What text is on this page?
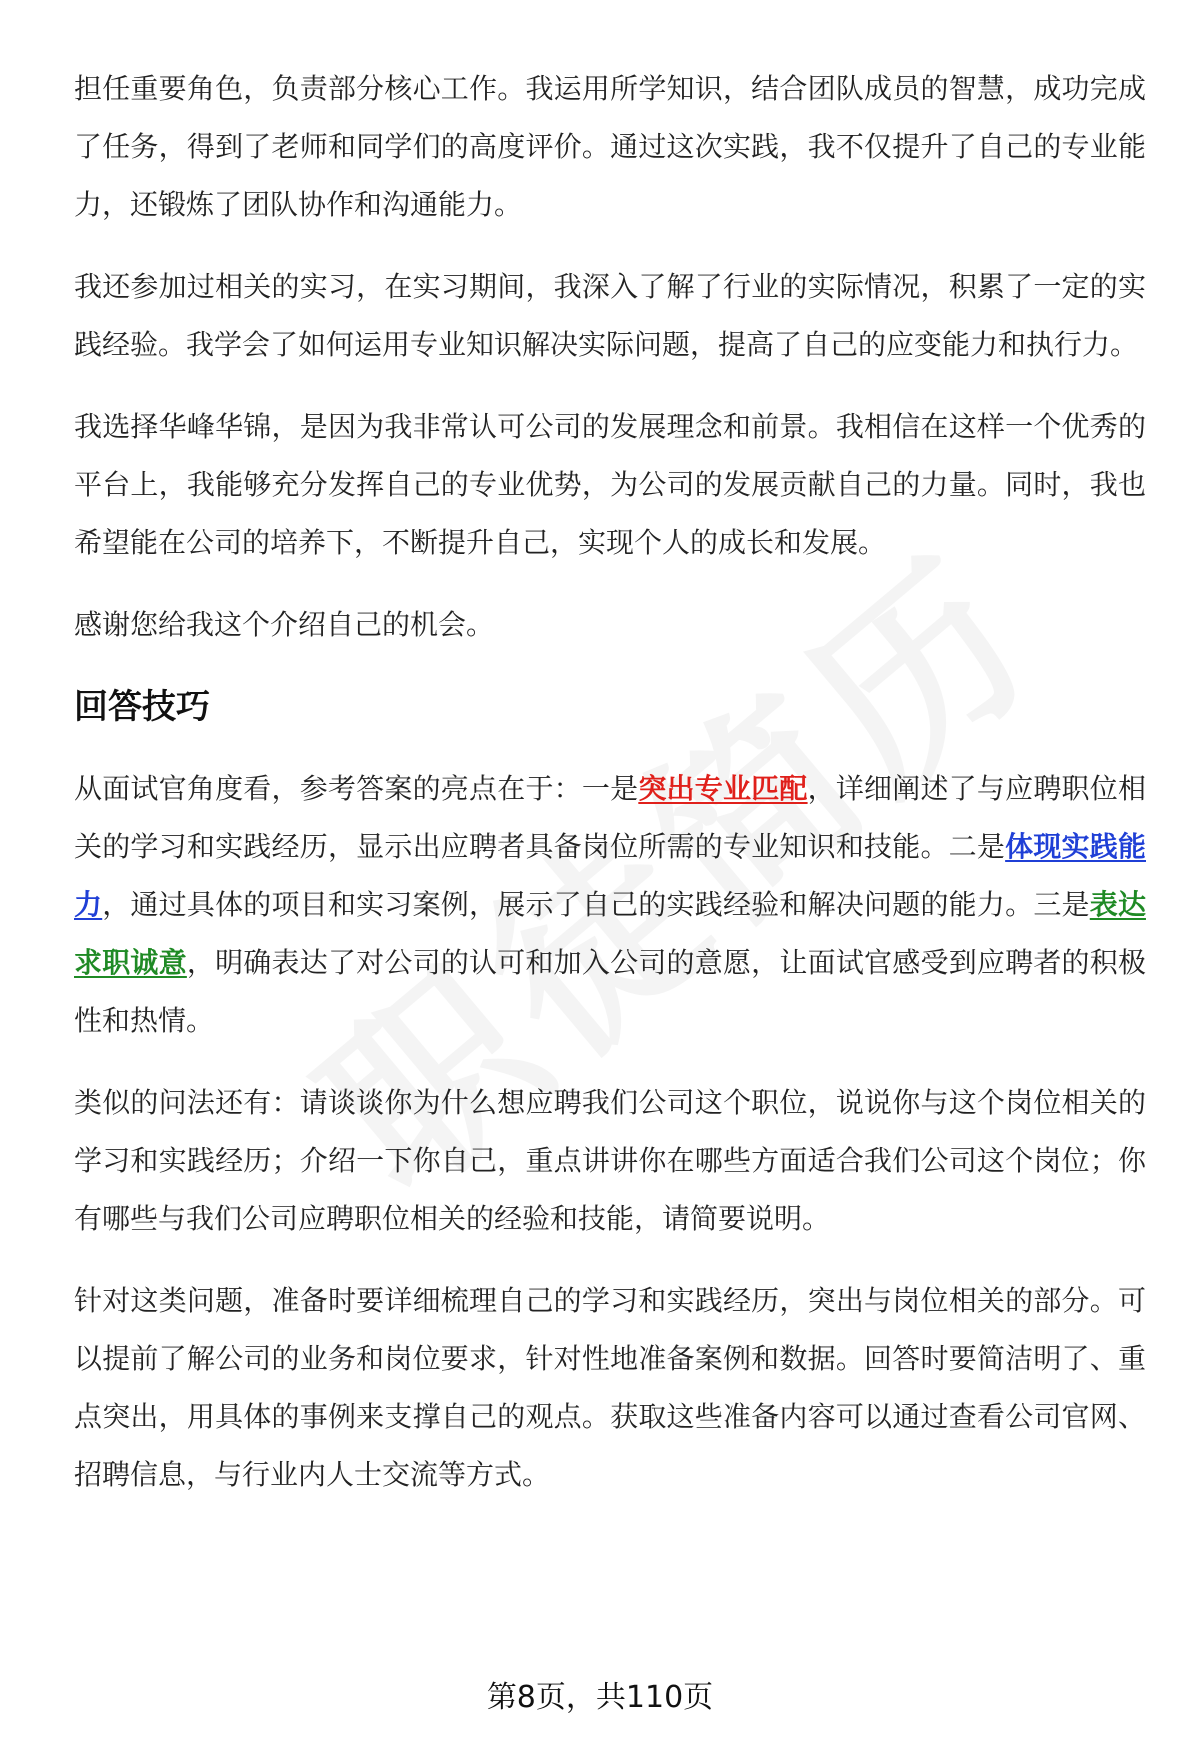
担任重要角色，负责部分核心工作。我运用所学知识，结合团队成员的智慧，成功完成了任务，得到了老师和同学们的高度评价。通过这次实践，我不仅提升了自己的专业能力，还锻炼了团队协作和沟通能力。

我还参加过相关的实习，在实习期间，我深入了解了行业的实际情况，积累了一定的实践经验。我学会了如何运用专业知识解决实际问题，提高了自己的应变能力和执行力。

我选择华峰华锦，是因为我非常认可公司的发展理念和前景。我相信在这样一个优秀的平台上，我能够充分发挥自己的专业优势，为公司的发展贡献自己的力量。同时，我也希望能在公司的培养下，不断提升自己，实现个人的成长和发展。

感谢您给我这个介绍自己的机会。

回答技巧

从面试官角度看，参考答案的亮点在于：一是突出专业匹配，详细阐述了与应聘职位相关的学习和实践经历，显示出应聘者具备岗位所需的专业知识和技能。二是体现实践能力，通过具体的项目和实习案例，展示了自己的实践经验和解决问题的能力。三是表达求职诚意，明确表达了对公司的认可和加入公司的意愿，让面试官感受到应聘者的积极性和热情。

类似的问法还有：请谈谈你为什么想应聘我们公司这个职位，说说你与这个岗位相关的学习和实践经历；介绍一下你自己，重点讲讲你在哪些方面适合我们公司这个岗位；你有哪些与我们公司应聘职位相关的经验和技能，请简要说明。

针对这类问题，准备时要详细梳理自己的学习和实践经历，突出与岗位相关的部分。可以提前了解公司的业务和岗位要求，针对性地准备案例和数据。回答时要简洁明了、重点突出，用具体的事例来支撑自己的观点。获取这些准备内容可以通过查看公司官网、招聘信息，与行业内人士交流等方式。

第8页，共110页
